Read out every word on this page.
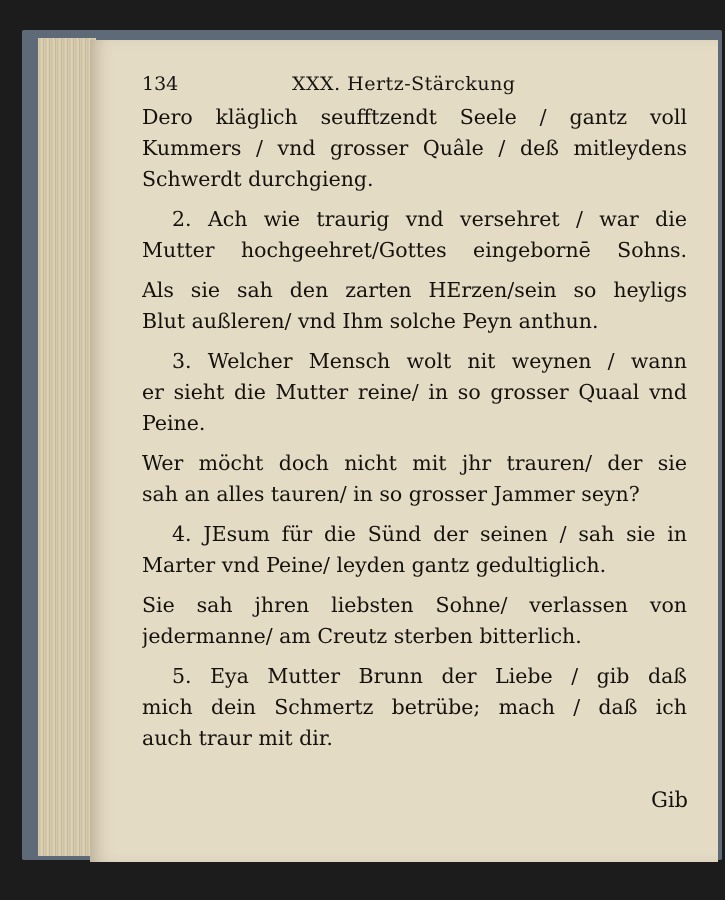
134	XXX. Hertz-Stärckung
Dero kläglich seufftzendt Seele / gantz voll
Kummers / vnd grosser Quâle / deß mitleydens
Schwerdt durchgieng.
2. Ach wie traurig vnd versehret / war die
Mutter hochgeehret/Gottes eingebornē Sohns.
Als sie sah den zarten HErzen/sein so heyligs
Blut außleren/ vnd Ihm solche Peyn anthun.
3. Welcher Mensch wolt nit weynen / wann
er sieht die Mutter reine/ in so grosser Quaal vnd
Peine.
Wer möcht doch nicht mit jhr trauren/ der sie
sah an alles tauren/ in so grosser Jammer seyn?
4. JEsum für die Sünd der seinen / sah sie in
Marter vnd Peine/ leyden gantz gedultiglich.
Sie sah jhren liebsten Sohne/ verlassen von
jedermanne/ am Creutz sterben bitterlich.
5. Eya Mutter Brunn der Liebe / gib daß
mich dein Schmertz betrübe; mach / daß ich
auch traur mit dir.
Gib
